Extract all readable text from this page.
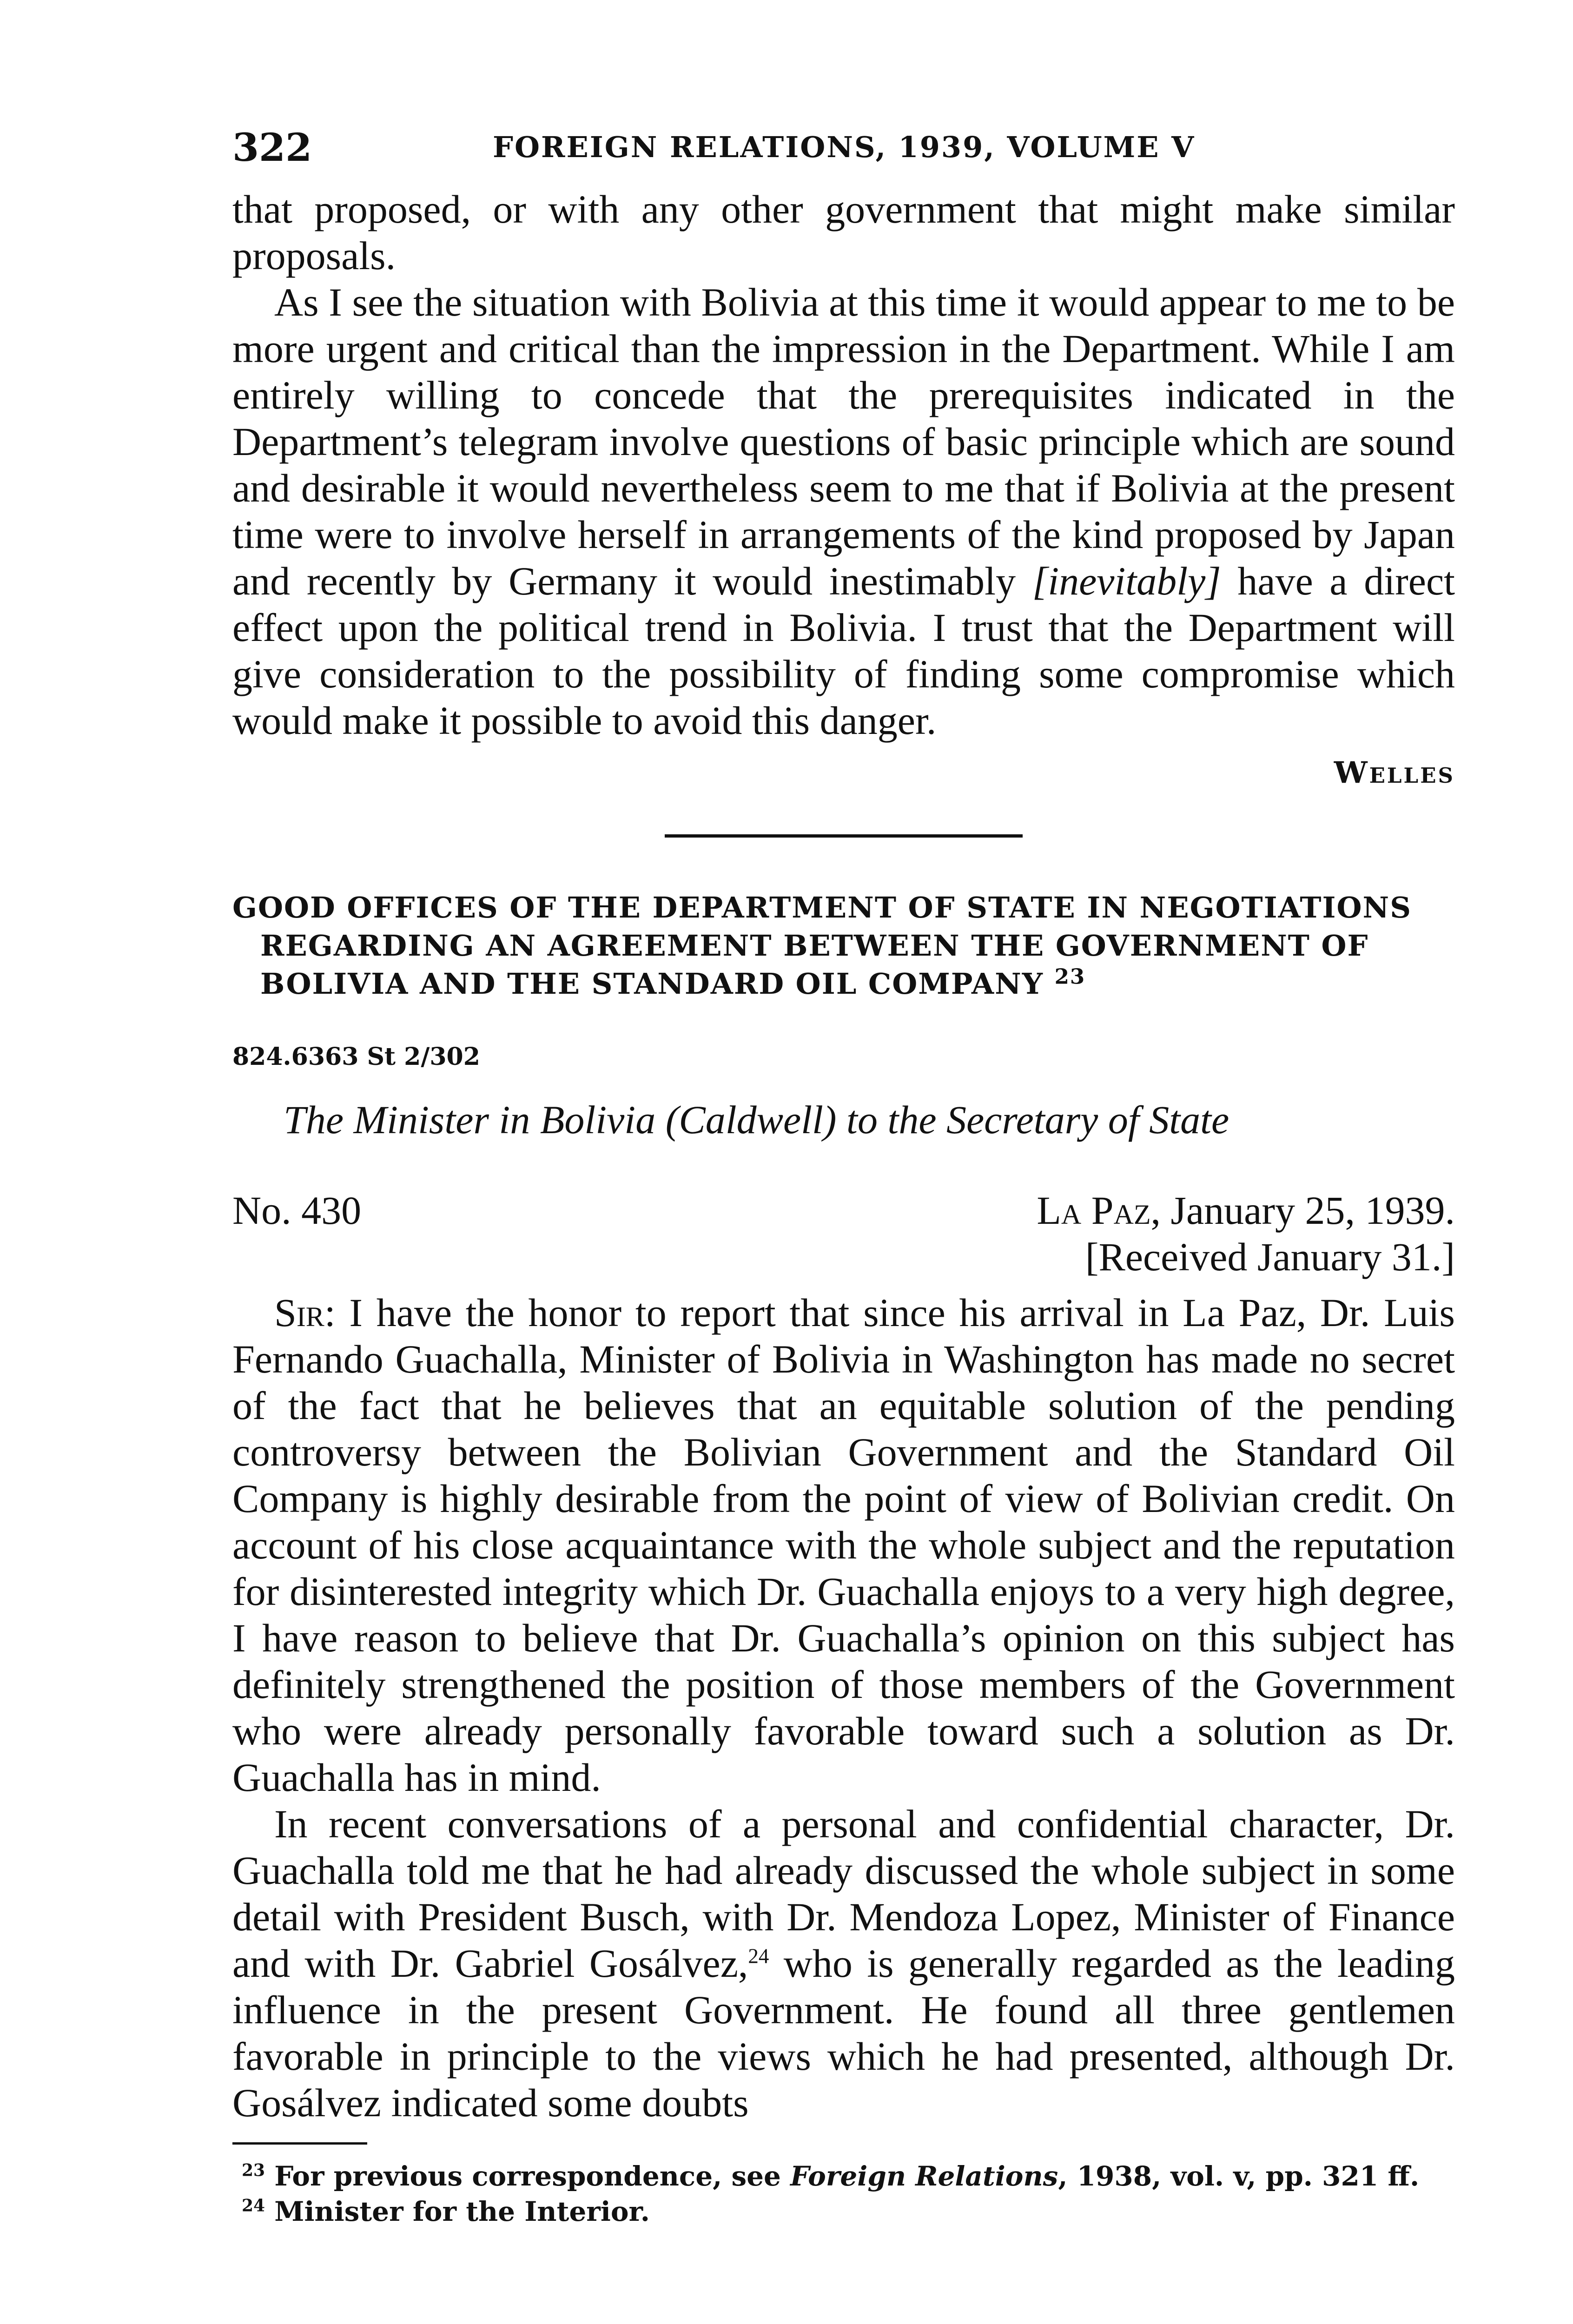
322	FOREIGN RELATIONS, 1939, VOLUME V

that proposed, or with any other government that might make similar proposals.

As I see the situation with Bolivia at this time it would appear to me to be more urgent and critical than the impression in the Department. While I am entirely willing to concede that the prerequisites indicated in the Department’s telegram involve questions of basic principle which are sound and desirable it would nevertheless seem to me that if Bolivia at the present time were to involve herself in arrangements of the kind proposed by Japan and recently by Germany it would inestimably [inevitably] have a direct effect upon the political trend in Bolivia. I trust that the Department will give consideration to the possibility of finding some compromise which would make it possible to avoid this danger.

Welles
GOOD OFFICES OF THE DEPARTMENT OF STATE IN NEGOTIATIONS
REGARDING AN AGREEMENT BETWEEN THE GOVERNMENT OF
BOLIVIA AND THE STANDARD OIL COMPANY $^{23}$
824.6363 St 2/302
The Minister in Bolivia (Caldwell) to the Secretary of State
No. 430	La Paz, January 25, 1939.
[Received January 31.]

Sir: I have the honor to report that since his arrival in La Paz, Dr. Luis Fernando Guachalla, Minister of Bolivia in Washington has made no secret of the fact that he believes that an equitable solution of the pending controversy between the Bolivian Government and the Standard Oil Company is highly desirable from the point of view of Bolivian credit. On account of his close acquaintance with the whole subject and the reputation for disinterested integrity which Dr. Guachalla enjoys to a very high degree, I have reason to believe that Dr. Guachalla’s opinion on this subject has definitely strengthened the position of those members of the Government who were already personally favorable toward such a solution as Dr. Guachalla has in mind.

In recent conversations of a personal and confidential character, Dr. Guachalla told me that he had already discussed the whole subject in some detail with President Busch, with Dr. Mendoza Lopez, Minister of Finance and with Dr. Gabriel Gosálvez,$^{24}$ who is generally regarded as the leading influence in the present Government. He found all three gentlemen favorable in principle to the views which he had presented, although Dr. Gosálvez indicated some doubts

$^{23}$ For previous correspondence, see Foreign Relations, 1938, vol. v, pp. 321 ff.
$^{24}$ Minister for the Interior.
